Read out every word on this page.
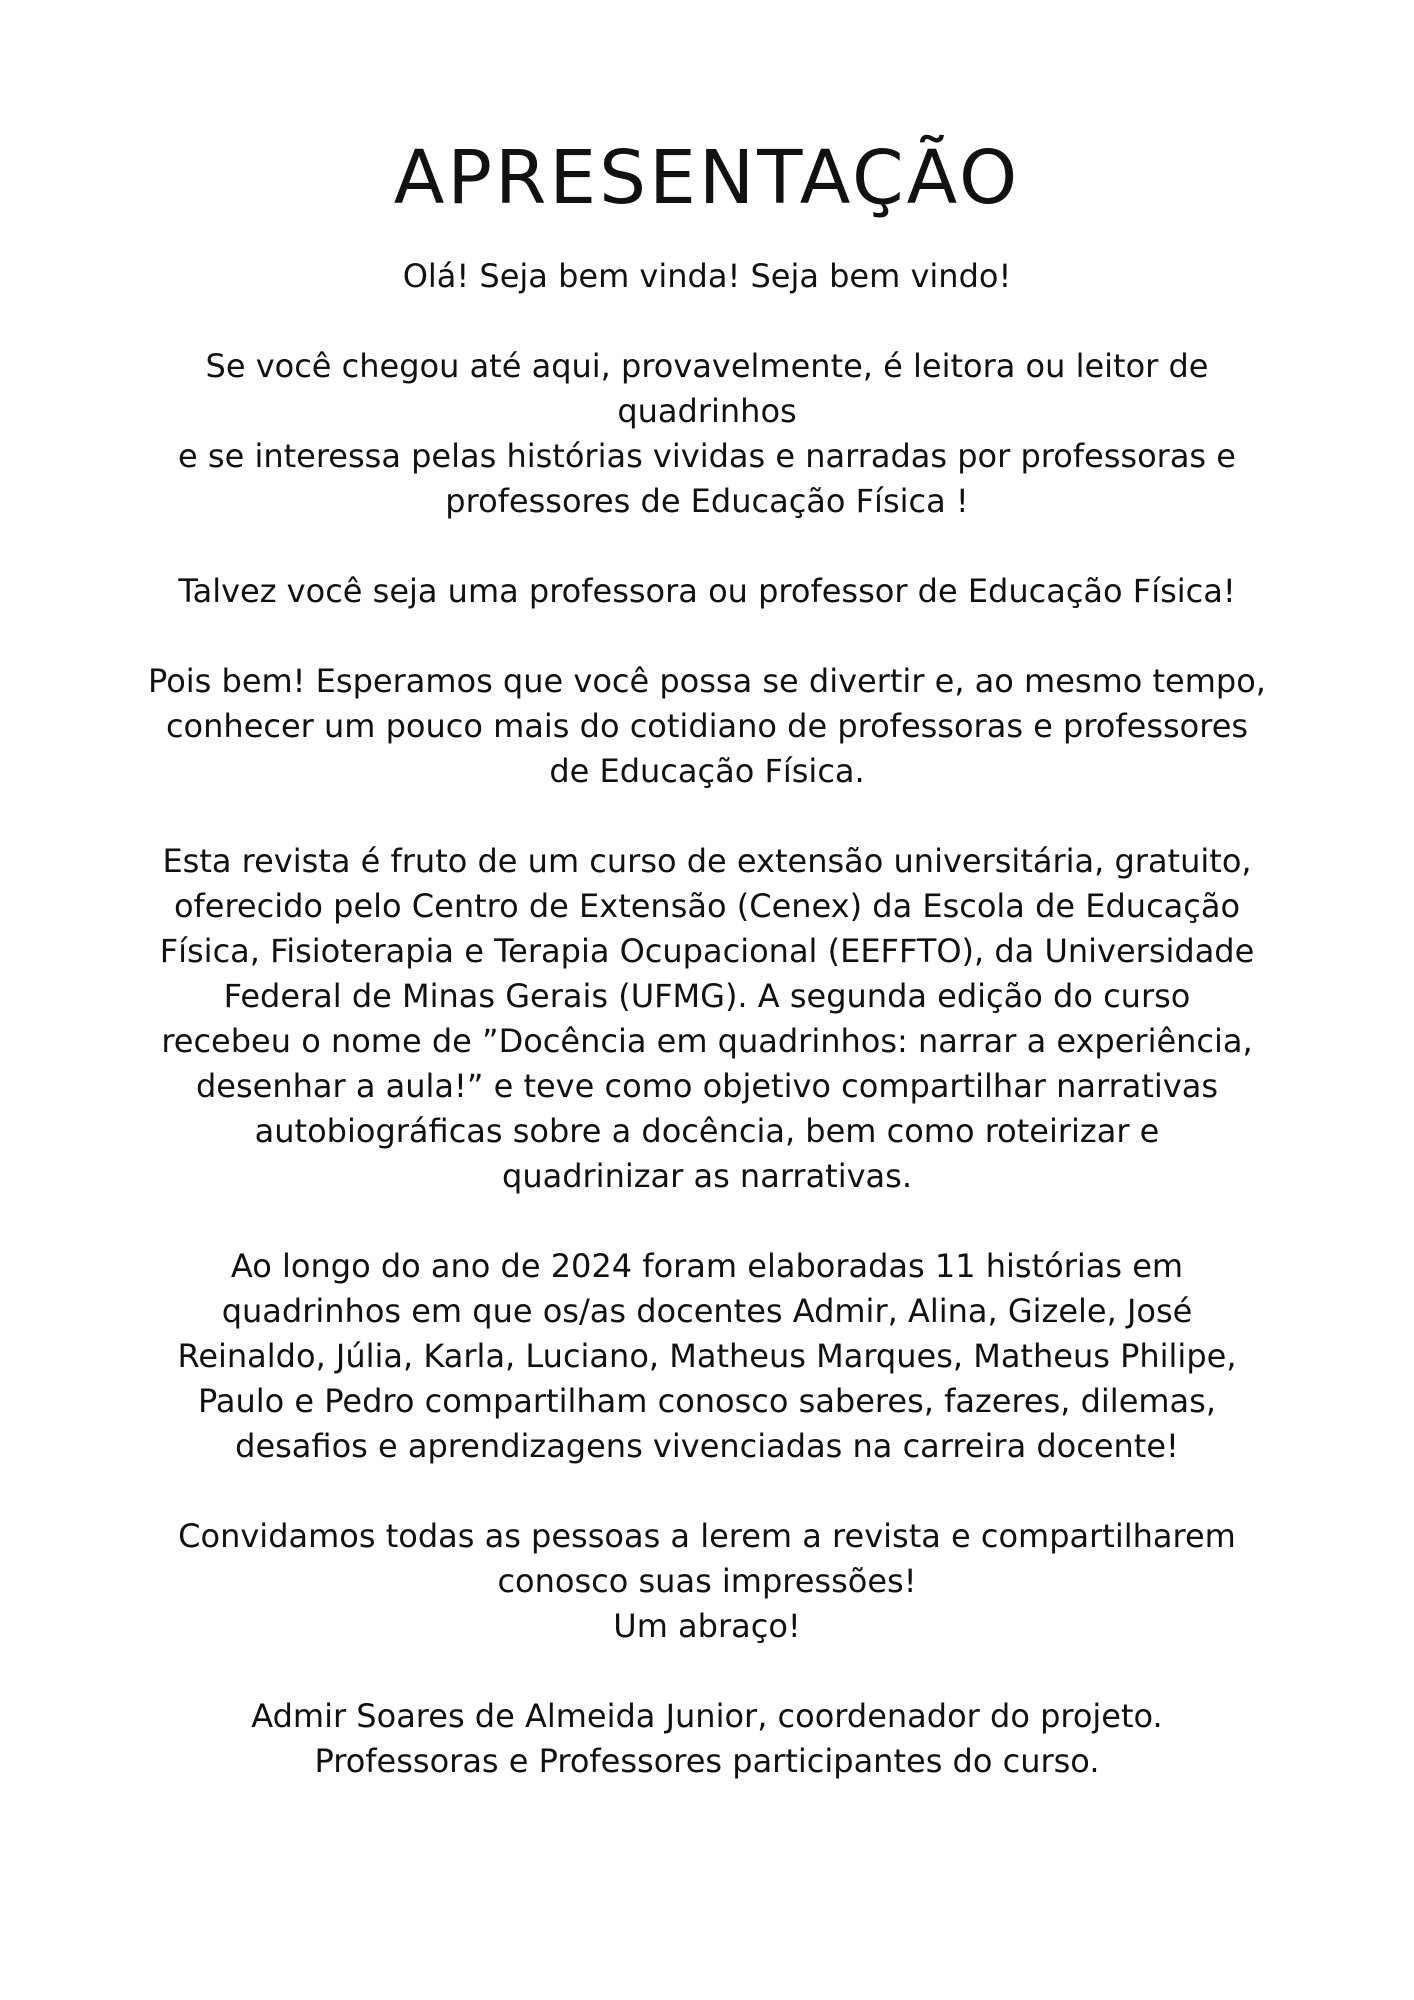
APRESENTAÇÃO
Olá! Seja bem vinda! Seja bem vindo!
Se você chegou até aqui, provavelmente, é leitora ou leitor de
quadrinhos
e se interessa pelas histórias vividas e narradas por professoras e
professores de Educação Física !
Talvez você seja uma professora ou professor de Educação Física!
Pois bem! Esperamos que você possa se divertir e, ao mesmo tempo,
conhecer um pouco mais do cotidiano de professoras e professores
de Educação Física.
Esta revista é fruto de um curso de extensão universitária, gratuito,
oferecido pelo Centro de Extensão (Cenex) da Escola de Educação
Física, Fisioterapia e Terapia Ocupacional (EEFFTO), da Universidade
Federal de Minas Gerais (UFMG). A segunda edição do curso
recebeu o nome de ”Docência em quadrinhos: narrar a experiência,
desenhar a aula!” e teve como objetivo compartilhar narrativas
autobiográficas sobre a docência, bem como roteirizar e
quadrinizar as narrativas.
Ao longo do ano de 2024 foram elaboradas 11 histórias em
quadrinhos em que os/as docentes Admir, Alina, Gizele, José
Reinaldo, Júlia, Karla, Luciano, Matheus Marques, Matheus Philipe,
Paulo e Pedro compartilham conosco saberes, fazeres, dilemas,
desafios e aprendizagens vivenciadas na carreira docente!
Convidamos todas as pessoas a lerem a revista e compartilharem
conosco suas impressões!
Um abraço!
Admir Soares de Almeida Junior, coordenador do projeto.
Professoras e Professores participantes do curso.
